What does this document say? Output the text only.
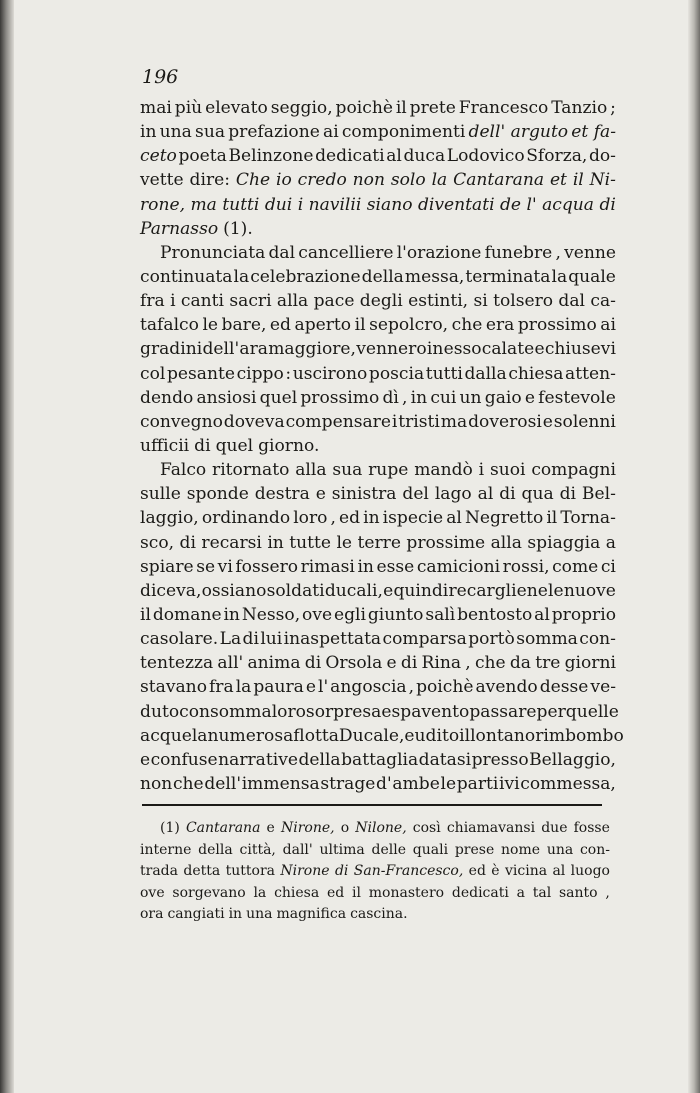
196
mai più elevato seggio, poichè il prete Francesco Tanzio ;
in una sua prefazione ai componimenti dell' arguto et fa-
ceto poeta Belinzone dedicati al duca Lodovico Sforza, do-
vette dire: Che io credo non solo la Cantarana et il Ni-
rone, ma tutti dui i navilii siano diventati de l' acqua di
Parnasso (1).
Pronunciata dal cancelliere l'orazione funebre , venne
continuata la celebrazione della messa, terminata la quale
fra i canti sacri alla pace degli estinti, si tolsero dal ca-
tafalco le bare, ed aperto il sepolcro, che era prossimo ai
gradini dell' ara maggiore, vennero in esso calate e chiusevi
col pesante cippo : uscirono poscia tutti dalla chiesa atten-
dendo ansiosi quel prossimo dì , in cui un gaio e festevole
convegno doveva compensare i tristi ma doverosi e solenni
ufficii di quel giorno.
Falco ritornato alla sua rupe mandò i suoi compagni
sulle sponde destra e sinistra del lago al di qua di Bel-
laggio, ordinando loro , ed in ispecie al Negretto il Torna-
sco, di recarsi in tutte le terre prossime alla spiaggia a
spiare se vi fossero rimasi in esse camicioni rossi, come ci
diceva, ossiano soldati ducali, e quindi recargliene le nuove
il domane in Nesso, ove egli giunto salì bentosto al proprio
casolare. La di lui inaspettata comparsa portò somma con-
tentezza all' anima di Orsola e di Rina , che da tre giorni
stavano fra la paura e l' angoscia , poichè avendo desse ve-
duto con somma loro sorpresa e spavento passare per quelle
acque la numerosa flotta Ducale, e udito il lontano rimbombo
e confuse narrative della battaglia datasi presso Bellaggio,
non che dell' immensa strage d' ambe le parti ivi commessa,
(1) Cantarana e Nirone, o Nilone, così chiamavansi due fosse
interne della città, dall' ultima delle quali prese nome una con-
trada detta tuttora Nirone di San-Francesco, ed è vicina al luogo
ove sorgevano la chiesa ed il monastero dedicati a tal santo ,
ora cangiati in una magnifica cascina.
